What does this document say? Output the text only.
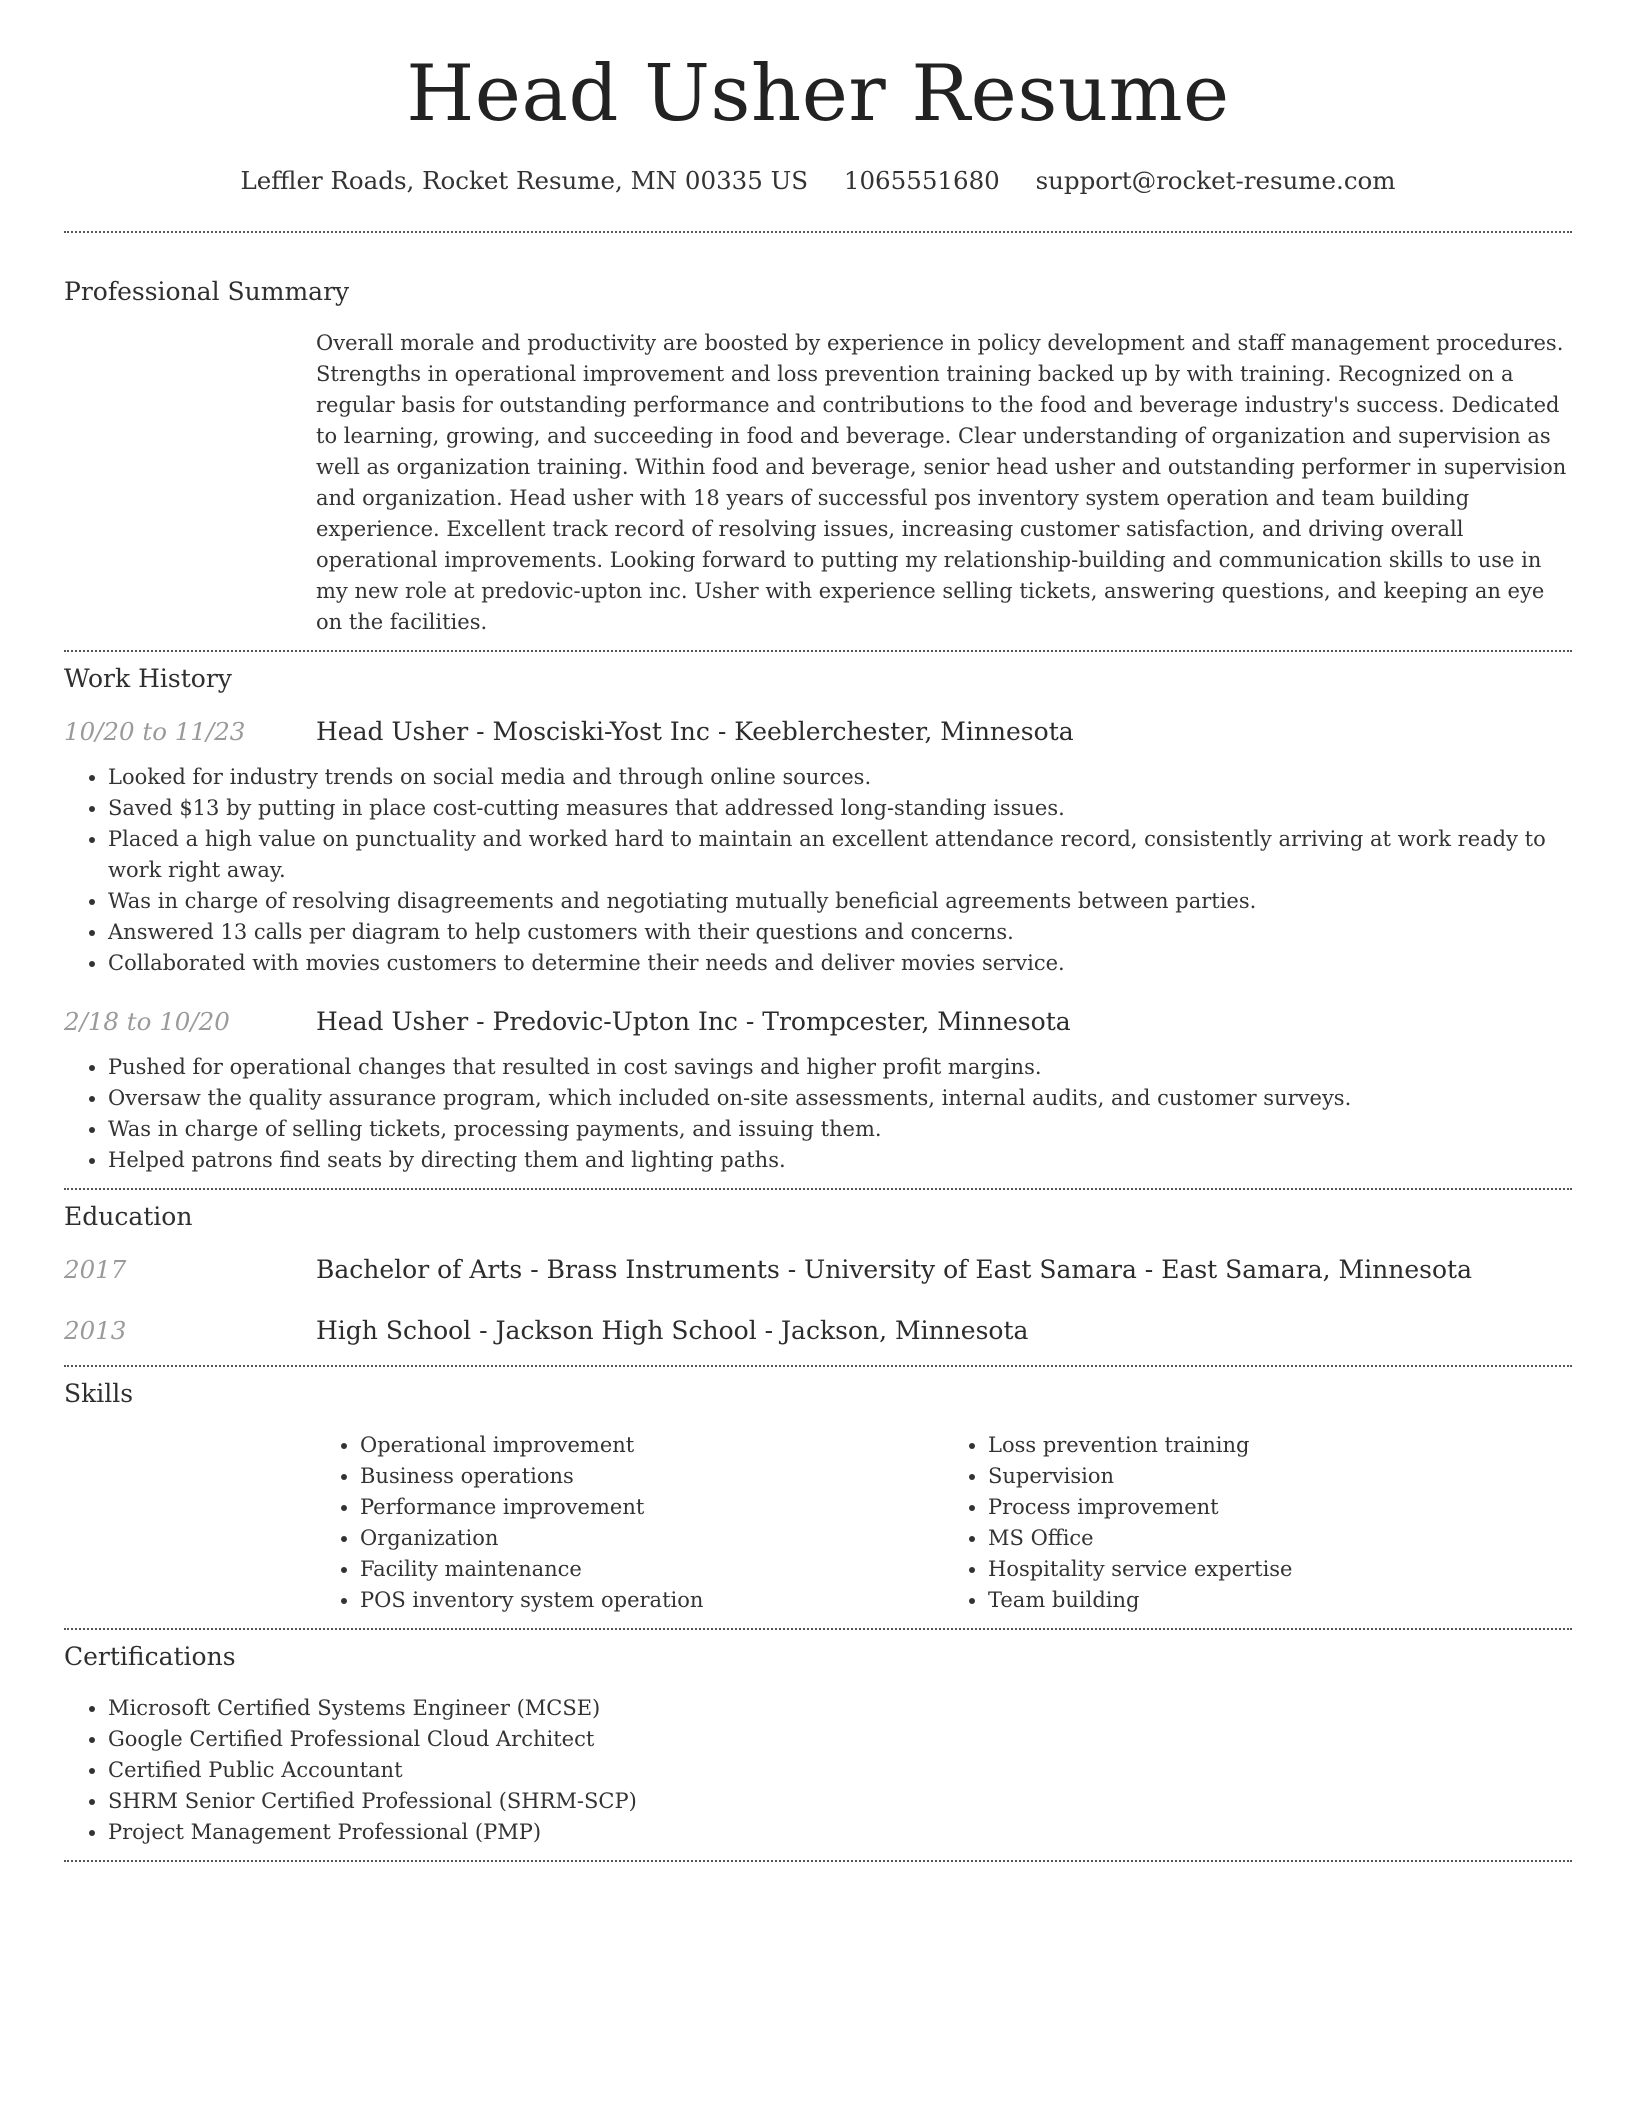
Head Usher Resume
Leffler Roads, Rocket Resume, MN 00335 US 1065551680 support@rocket-resume.com
Professional Summary
Overall morale and productivity are boosted by experience in policy development and staff management procedures. Strengths in operational improvement and loss prevention training backed up by with training. Recognized on a regular basis for outstanding performance and contributions to the food and beverage industry's success. Dedicated to learning, growing, and succeeding in food and beverage. Clear understanding of organization and supervision as well as organization training. Within food and beverage, senior head usher and outstanding performer in supervision and organization. Head usher with 18 years of successful pos inventory system operation and team building experience. Excellent track record of resolving issues, increasing customer satisfaction, and driving overall operational improvements. Looking forward to putting my relationship-building and communication skills to use in my new role at predovic-upton inc. Usher with experience selling tickets, answering questions, and keeping an eye on the facilities.
Work History
10/20 to 11/23	Head Usher - Mosciski-Yost Inc - Keeblerchester, Minnesota
• Looked for industry trends on social media and through online sources.
• Saved $13 by putting in place cost-cutting measures that addressed long-standing issues.
• Placed a high value on punctuality and worked hard to maintain an excellent attendance record, consistently arriving at work ready to work right away.
• Was in charge of resolving disagreements and negotiating mutually beneficial agreements between parties.
• Answered 13 calls per diagram to help customers with their questions and concerns.
• Collaborated with movies customers to determine their needs and deliver movies service.
2/18 to 10/20	Head Usher - Predovic-Upton Inc - Trompcester, Minnesota
• Pushed for operational changes that resulted in cost savings and higher profit margins.
• Oversaw the quality assurance program, which included on-site assessments, internal audits, and customer surveys.
• Was in charge of selling tickets, processing payments, and issuing them.
• Helped patrons find seats by directing them and lighting paths.
Education
2017	Bachelor of Arts - Brass Instruments - University of East Samara - East Samara, Minnesota
2013	High School - Jackson High School - Jackson, Minnesota
Skills
• Operational improvement
• Business operations
• Performance improvement
• Organization
• Facility maintenance
• POS inventory system operation
• Loss prevention training
• Supervision
• Process improvement
• MS Office
• Hospitality service expertise
• Team building
Certifications
• Microsoft Certified Systems Engineer (MCSE)
• Google Certified Professional Cloud Architect
• Certified Public Accountant
• SHRM Senior Certified Professional (SHRM-SCP)
• Project Management Professional (PMP)
